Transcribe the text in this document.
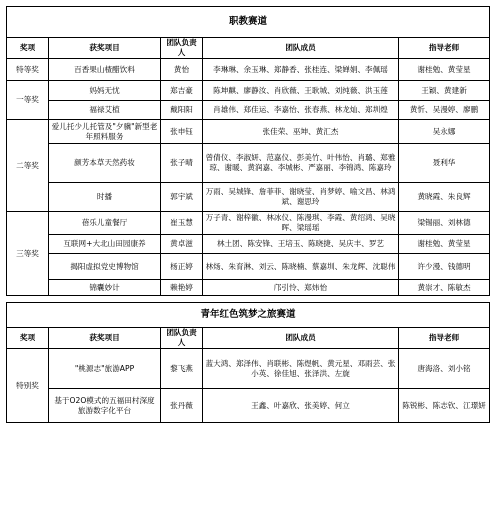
职教赛道				
奖项	获奖项目	团队负责人	团队成员	指导老师
特等奖	百香果山楂醋饮料	黄怡	李琳琳、余玉琳、郑静香、张桂连、梁婵娟、李佩瑶	谢桂勉、黄莹星
一等奖	妈妈无忧	郑吉豪	陈坤麒、廖静汝、肖欣薇、王耿城、刘纯薇、洪玉莲	王颖、黄建新
	福禄艾植	戴阳阳	肖雄伟、郑佳运、李嘉怡、张春燕、林龙灿、郑圳煌	黄忻、吴漫婷、廖鹏
二等奖	爱儿托少儿托管及"夕骥"新型老年照料服务	张申钰	张佳荣、巫坤、黄汇杰	吴永娜
	颜芳本草天然药妆	张子晴	曾倩仪、李淑妍、范嘉仪、彭美竹、叶伟怡、肖璐、郑雅琼、谢暖、黄润嘉、李城彬、严嘉丽、李锦鸿、陈嘉玲	聂利华
	时播	郭宇斌	万雨、吴城锋、詹菲菲、谢晓莹、肖梦婷、喻文昌、林鸿斌、谢思玲	黄晓霞、朱良辉
三等奖	蓓乐儿童餐厅	崔玉慧	万子青、谢梓徽、林冰仪、陈漫琪、李霞、黄绍鸿、吴晓晖、梁瑶瑶	梁锡丽、刘林德
	互联网+大北山田园康养	黄卓滋	林土团、陈安锋、王培玉、陈晓捷、吴庆丰、罗艺	谢桂勉、黄莹星
	揭阳虚拟党史博物馆	杨正婷	林炀、朱育淋、刘云、陈晓楠、蔡嘉圳、朱龙辉、沈聪伟	许少漫、钱德明
	锦囊妙计	赖艳婷	邝引怜、郑炜怡	黄崇才、陈敏杰

青年红色筑梦之旅赛道				
奖项	获奖项目	团队负责人	团队成员	指导老师
特别奖	"桃源志"旅游APP	黎飞燕	蓝大鸿、郑泽伟、肖联彬、陈煜帆、黄元星、邓雨芸、张小英、徐佳旭、张泽洪、左旋	唐海洛、刘小铭
	基于O2O模式的五福田村深度旅游数字化平台	张丹薇	王鑫、叶嘉欣、张美婷、何立	陈锐彬、陈志钦、江璟妍
